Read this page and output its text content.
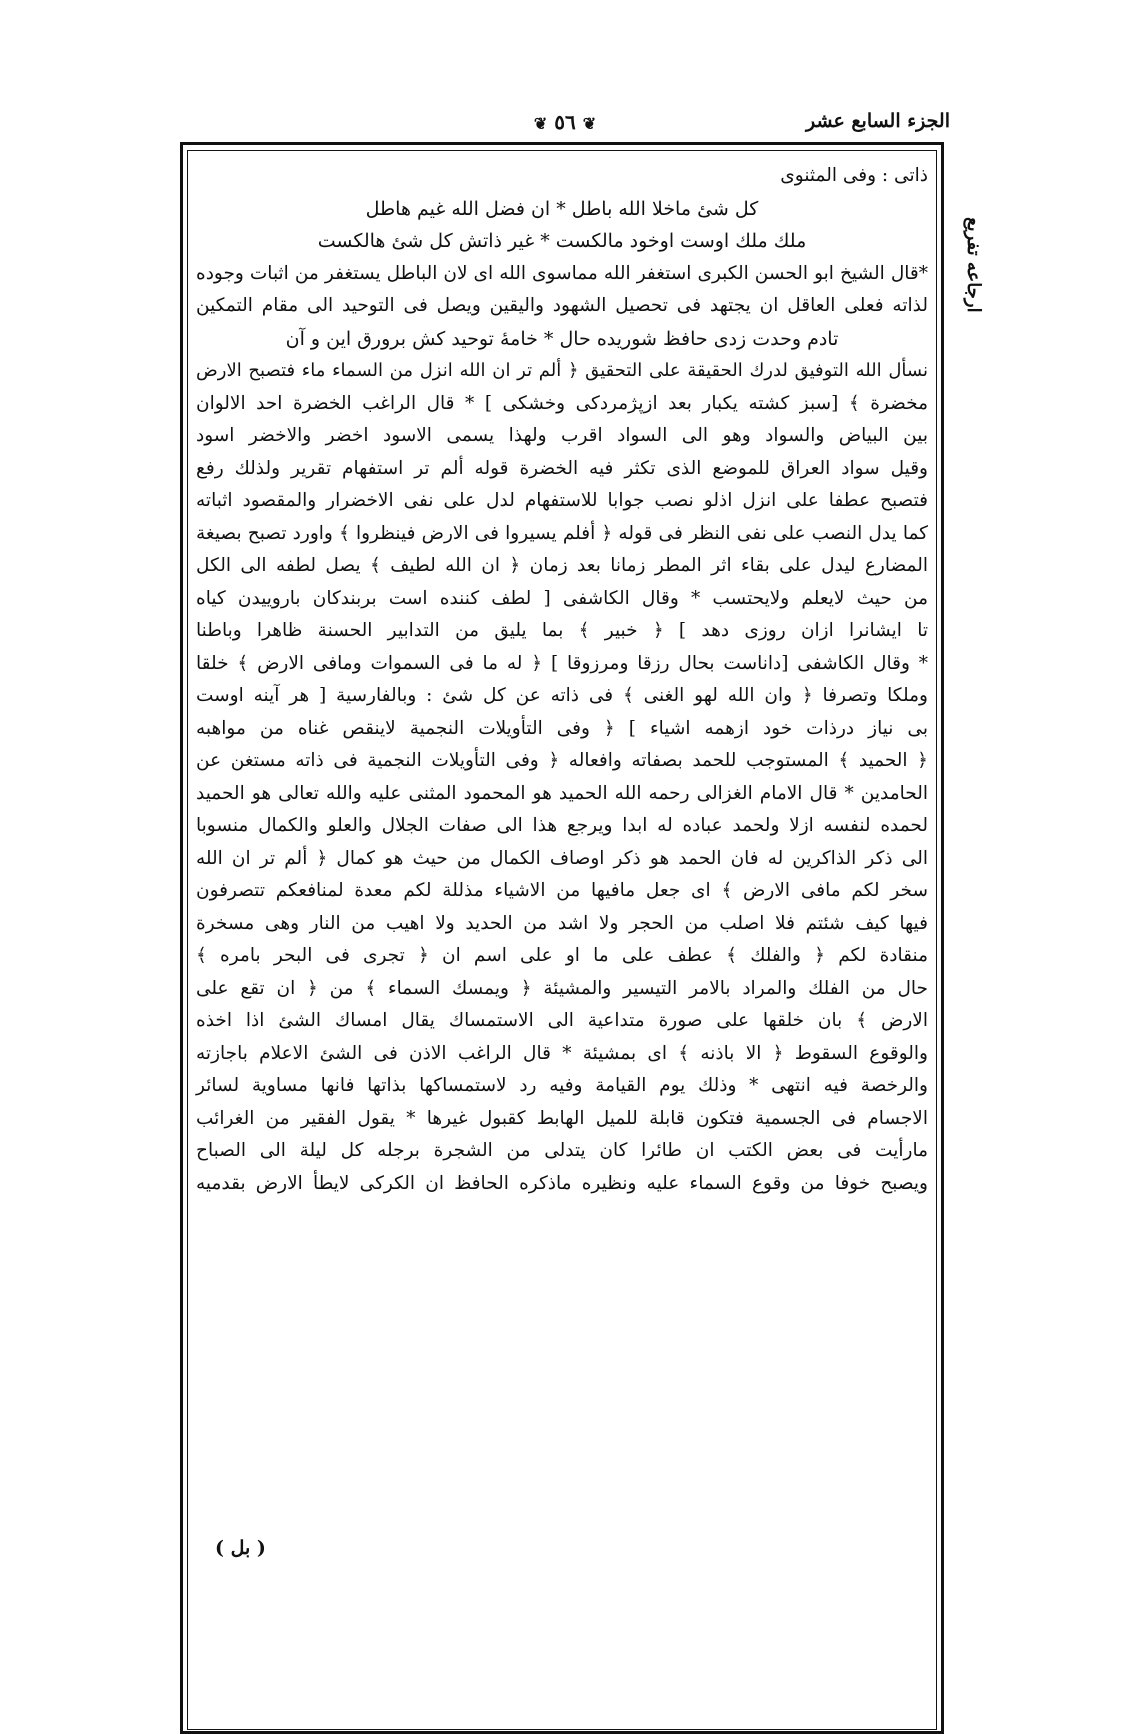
الجزء السابع عشر
❦ ٥٦ ❦
ﺍﺭﺟﺎﻋﻪ ﺗﻔﺮﻳﻊ
ذاتى : وفى المثنوى
كل شئ ماخلا الله باطل * ان فضل الله غيم هاطل
ملك ملك اوست اوخود مالكست * غير ذاتش كل شئ هالكست
*قال الشيخ ابو الحسن الكبرى استغفر الله مماسوى الله اى لان الباطل يستغفر من اثبات وجوده
لذاته فعلى العاقل ان يجتهد فى تحصيل الشهود واليقين ويصل فى التوحيد الى مقام التمكين
تادم وحدت زدى حافظ شوريده حال * خامهٔ توحيد كش برورق اين و آن
نسأل الله التوفيق لدرك الحقيقة على التحقيق ﴿ ألم تر ان الله انزل من السماء ماء فتصبح الارض
مخضرة ﴾ [سبز كشته يكبار بعد ازپژمردكى وخشكى ] * قال الراغب الخضرة احد الالوان
بين البياض والسواد وهو الى السواد اقرب ولهذا يسمى الاسود اخضر والاخضر اسود
وقيل سواد العراق للموضع الذى تكثر فيه الخضرة قوله ألم تر استفهام تقرير ولذلك رفع
فتصبح عطفا على انزل اذلو نصب جوابا للاستفهام لدل على نفى الاخضرار والمقصود اثباته
كما يدل النصب على نفى النظر فى قوله ﴿ أفلم يسيروا فى الارض فينظروا ﴾ واورد تصبح بصيغة
المضارع ليدل على بقاء اثر المطر زمانا بعد زمان ﴿ ان الله لطيف ﴾ يصل لطفه الى الكل
من حيث لايعلم ولايحتسب * وقال الكاشفى [ لطف كننده است بربندكان باروييدن كياه
تا ايشانرا ازان روزى دهد ] ﴿ خبير ﴾ بما يليق من التدابير الحسنة ظاهرا وباطنا
* وقال الكاشفى [داناست بحال رزقا ومرزوقا ] ﴿ له ما فى السموات ومافى الارض ﴾ خلقا
وملكا وتصرفا ﴿ وان الله لهو الغنى ﴾ فى ذاته عن كل شئ : وبالفارسية [ هر آينه اوست
بى نياز درذات خود ازهمه اشياء ] ﴿ وفى التأويلات النجمية لاينقص غناه من مواهبه
﴿ الحميد ﴾ المستوجب للحمد بصفاته وافعاله ﴿ وفى التأويلات النجمية فى ذاته مستغن عن
الحامدين * قال الامام الغزالى رحمه الله الحميد هو المحمود المثنى عليه والله تعالى هو الحميد
لحمده لنفسه ازلا ولحمد عباده له ابدا ويرجع هذا الى صفات الجلال والعلو والكمال منسوبا
الى ذكر الذاكرين له فان الحمد هو ذكر اوصاف الكمال من حيث هو كمال ﴿ ألم تر ان الله
سخر لكم مافى الارض ﴾ اى جعل مافيها من الاشياء مذللة لكم معدة لمنافعكم تتصرفون
فيها كيف شئتم فلا اصلب من الحجر ولا اشد من الحديد ولا اهيب من النار وهى مسخرة
منقادة لكم ﴿ والفلك ﴾ عطف على ما او على اسم ان ﴿ تجرى فى البحر بامره ﴾
حال من الفلك والمراد بالامر التيسير والمشيئة ﴿ ويمسك السماء ﴾ من ﴿ ان تقع على
الارض ﴾ بان خلقها على صورة متداعية الى الاستمساك يقال امساك الشئ اذا اخذه
والوقوع السقوط ﴿ الا باذنه ﴾ اى بمشيئة * قال الراغب الاذن فى الشئ الاعلام باجازته
والرخصة فيه انتهى * وذلك يوم القيامة وفيه رد لاستمساكها بذاتها فانها مساوية لسائر
الاجسام فى الجسمية فتكون قابلة للميل الهابط كقبول غيرها * يقول الفقير من الغرائب
مارأيت فى بعض الكتب ان طائرا كان يتدلى من الشجرة برجله كل ليلة الى الصباح
ويصبح خوفا من وقوع السماء عليه ونظيره ماذكره الحافظ ان الكركى لايطأ الارض بقدميه
( بل )
